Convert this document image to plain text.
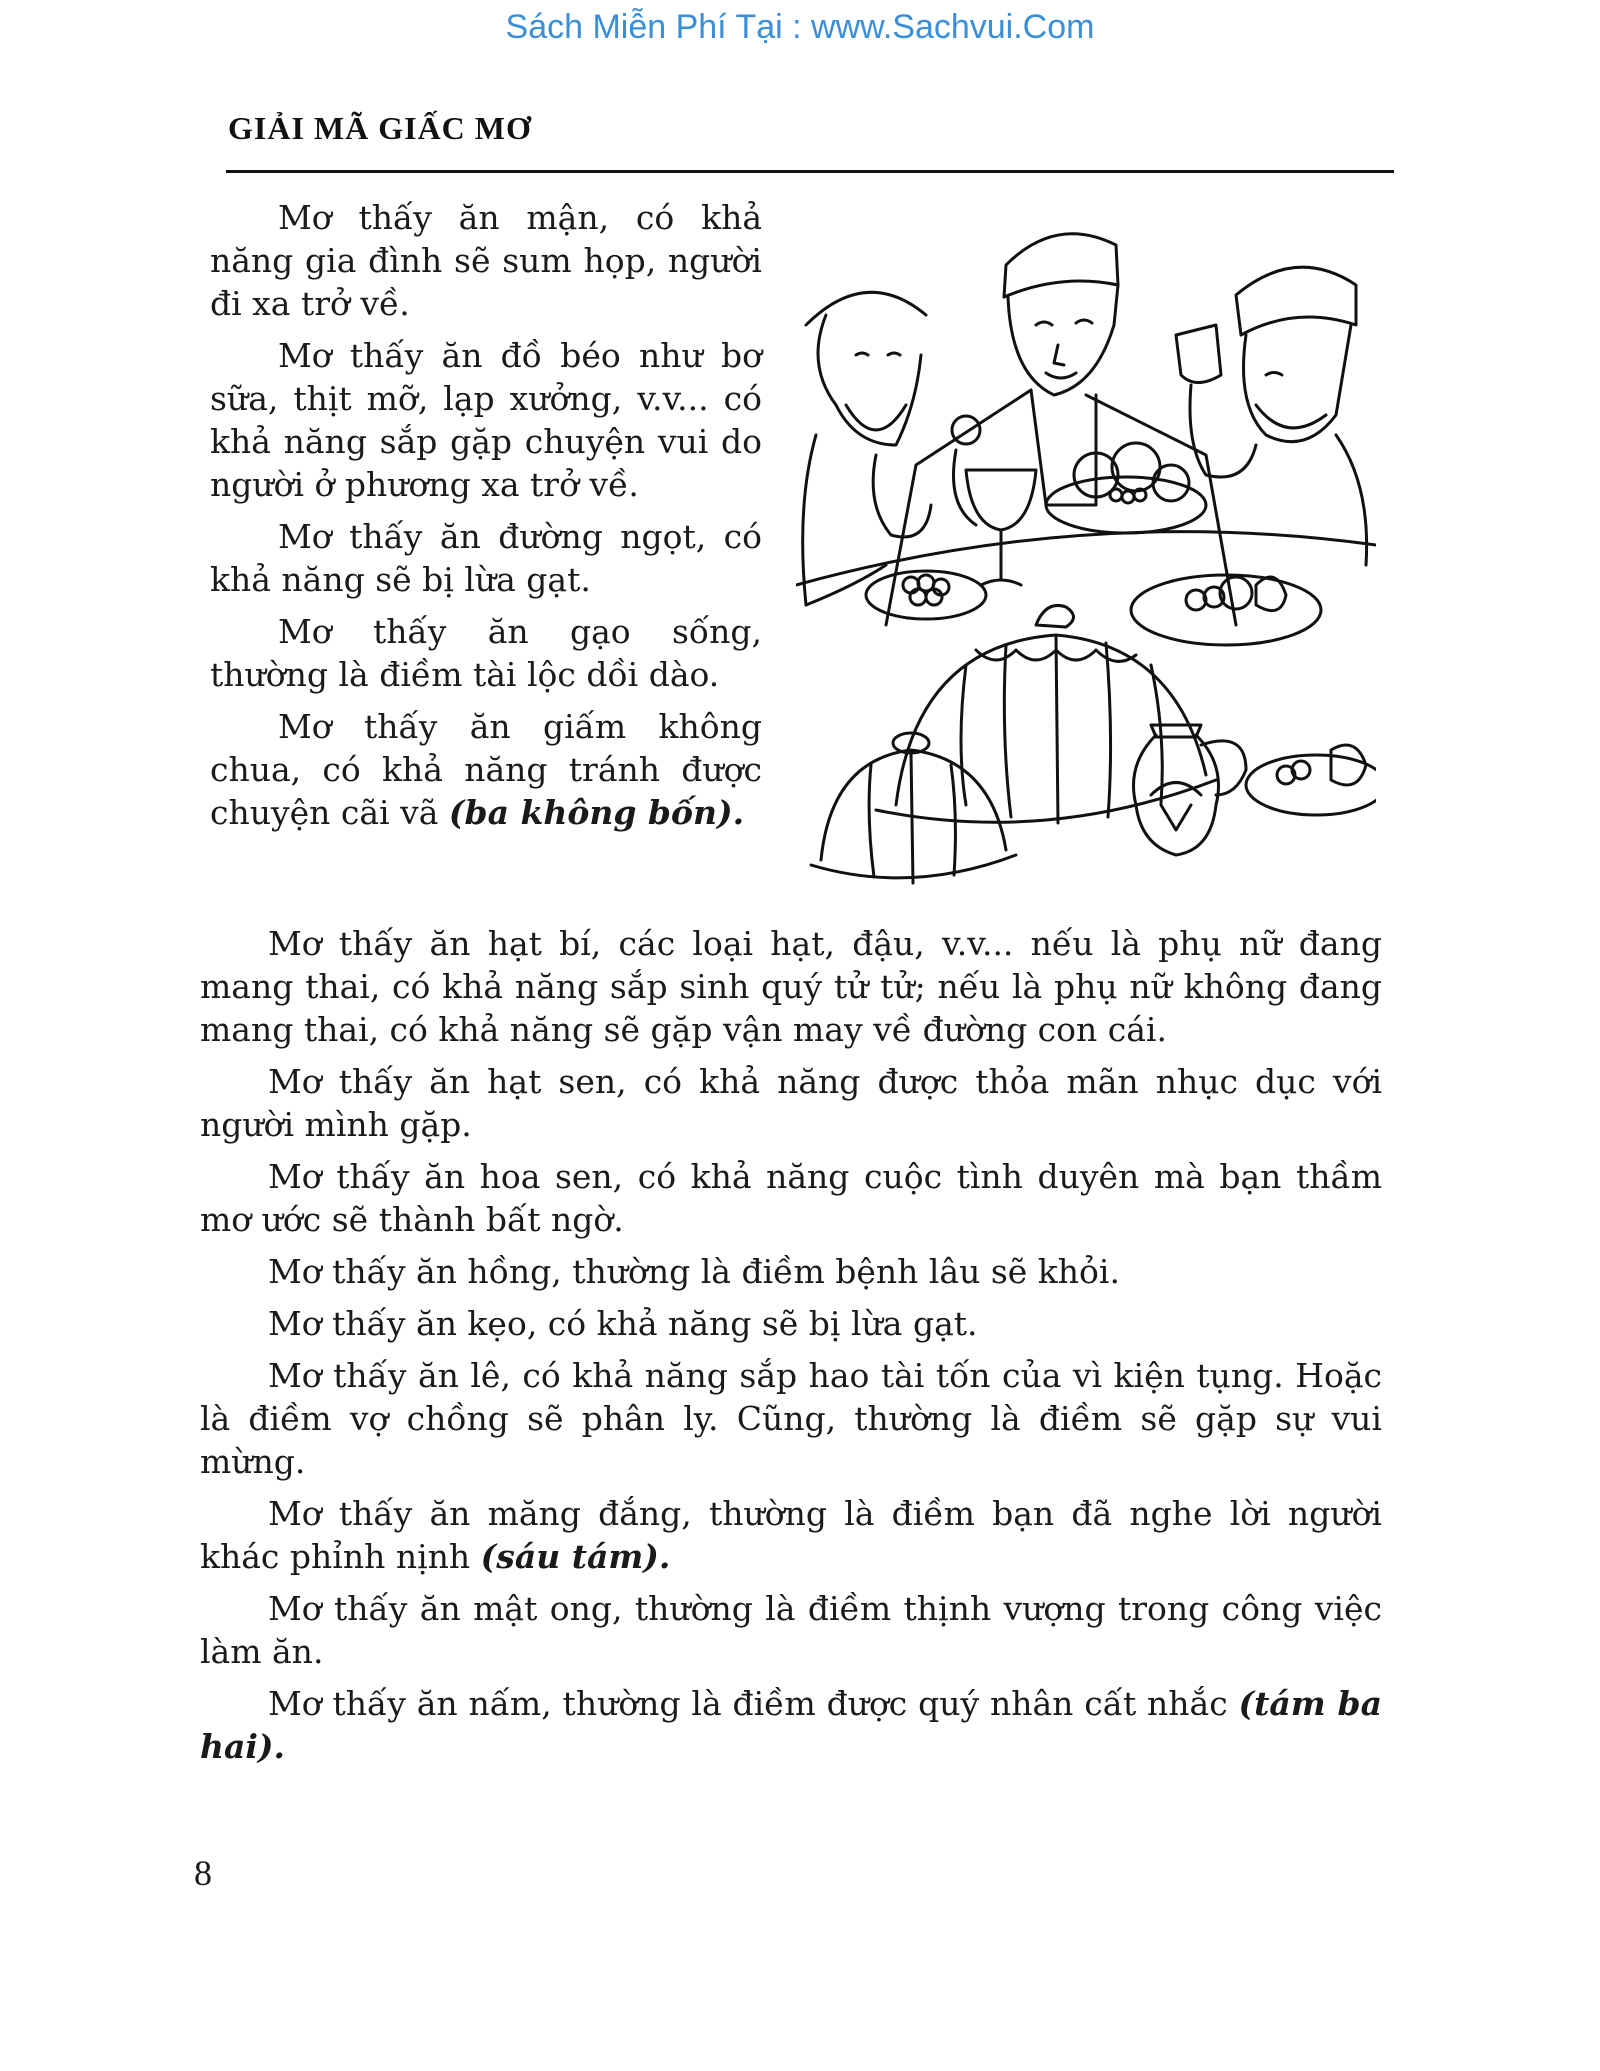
Sách Miễn Phí Tại : www.Sachvui.Com
GIẢI MÃ GIẤC MƠ

Mơ thấy ăn mận, có khả năng gia đình sẽ sum họp, người đi xa trở về.

Mơ thấy ăn đồ béo như bơ sữa, thịt mỡ, lạp xưởng, v.v... có khả năng sắp gặp chuyện vui do người ở phương xa trở về.

Mơ thấy ăn đường ngọt, có khả năng sẽ bị lừa gạt.

Mơ thấy ăn gạo sống, thường là điềm tài lộc dồi dào.

Mơ thấy ăn giấm không chua, có khả năng tránh được chuyện cãi vã (ba không bốn).

Mơ thấy ăn hạt bí, các loại hạt, đậu, v.v... nếu là phụ nữ đang mang thai, có khả năng sắp sinh quý tử tử; nếu là phụ nữ không đang mang thai, có khả năng sẽ gặp vận may về đường con cái.

Mơ thấy ăn hạt sen, có khả năng được thỏa mãn nhục dục với người mình gặp.

Mơ thấy ăn hoa sen, có khả năng cuộc tình duyên mà bạn thầm mơ ước sẽ thành bất ngờ.

Mơ thấy ăn hồng, thường là điềm bệnh lâu sẽ khỏi.

Mơ thấy ăn kẹo, có khả năng sẽ bị lừa gạt.

Mơ thấy ăn lê, có khả năng sắp hao tài tốn của vì kiện tụng. Hoặc là điềm vợ chồng sẽ phân ly. Cũng, thường là điềm sẽ gặp sự vui mừng.

Mơ thấy ăn măng đắng, thường là điềm bạn đã nghe lời người khác phỉnh nịnh (sáu tám).

Mơ thấy ăn mật ong, thường là điềm thịnh vượng trong công việc làm ăn.

Mơ thấy ăn nấm, thường là điềm được quý nhân cất nhắc (tám ba hai).

8
